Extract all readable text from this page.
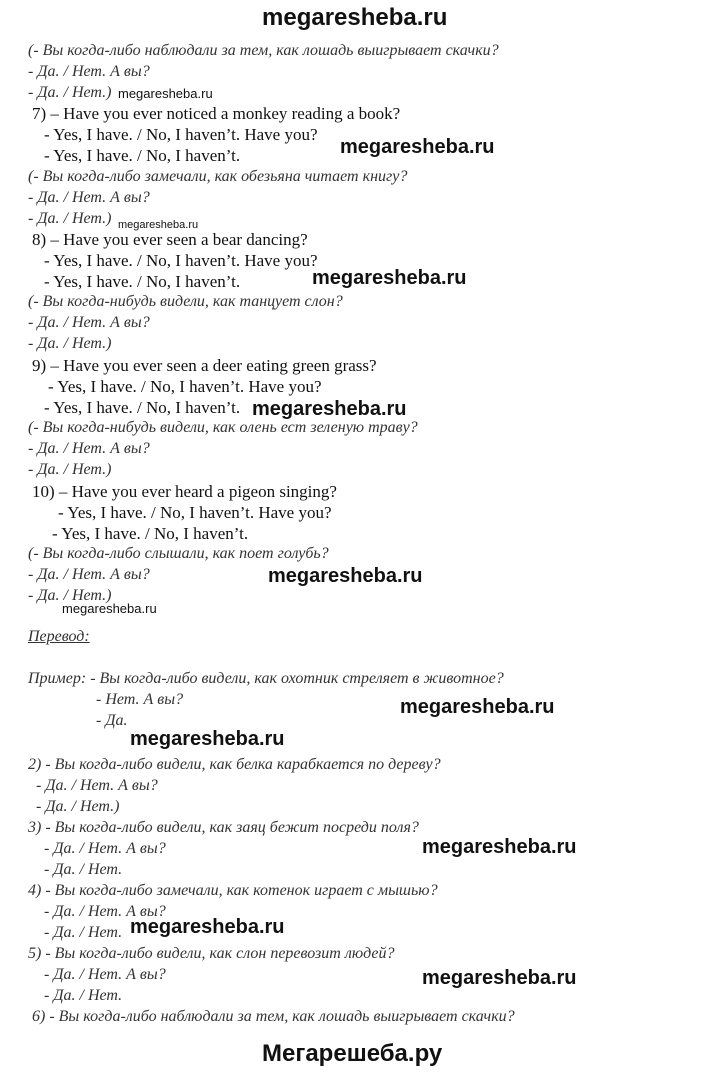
megaresheba.ru
(- Вы когда-либо наблюдали за тем, как лошадь выигрывает скачки?
- Да. / Нет. А вы?
- Да. / Нет.) megaresheba.ru
7) – Have you ever noticed a monkey reading a book?
- Yes, I have. / No, I haven’t. Have you?
- Yes, I have. / No, I haven’t.	megaresheba.ru
(- Вы когда-либо замечали, как обезьяна читает книгу?
- Да. / Нет. А вы?
- Да. / Нет.) megaresheba.ru
8) – Have you ever seen a bear dancing?
- Yes, I have. / No, I haven’t. Have you?
- Yes, I have. / No, I haven’t.	megaresheba.ru
(- Вы когда-нибудь видели, как танцует слон?
- Да. / Нет. А вы?
- Да. / Нет.)
9) – Have you ever seen a deer eating green grass?
- Yes, I have. / No, I haven’t. Have you?
- Yes, I have. / No, I haven’t. megaresheba.ru
(- Вы когда-нибудь видели, как олень ест зеленую траву?
- Да. / Нет. А вы?
- Да. / Нет.)
10) – Have you ever heard a pigeon singing?
- Yes, I have. / No, I haven’t. Have you?
- Yes, I have. / No, I haven’t.
(- Вы когда-либо слышали, как поет голубь?
- Да. / Нет. А вы?	megaresheba.ru
- Да. / Нет.)
megaresheba.ru
Перевод:
Пример: - Вы когда-либо видели, как охотник стреляет в животное?
- Нет. А вы?
- Да.
megaresheba.ru
megaresheba.ru
2) - Вы когда-либо видели, как белка карабкается по дереву?
- Да. / Нет. А вы?
- Да. / Нет.)
3) - Вы когда-либо видели, как заяц бежит посреди поля?
- Да. / Нет. А вы?	megaresheba.ru
- Да. / Нет.
4) - Вы когда-либо замечали, как котенок играет с мышью?
- Да. / Нет. А вы?
megaresheba.ru
- Да. / Нет.
5) - Вы когда-либо видели, как слон перевозит людей?
- Да. / Нет. А вы?	megaresheba.ru
- Да. / Нет.
6) - Вы когда-либо наблюдали за тем, как лошадь выигрывает скачки?
Мегарешеба.ру
